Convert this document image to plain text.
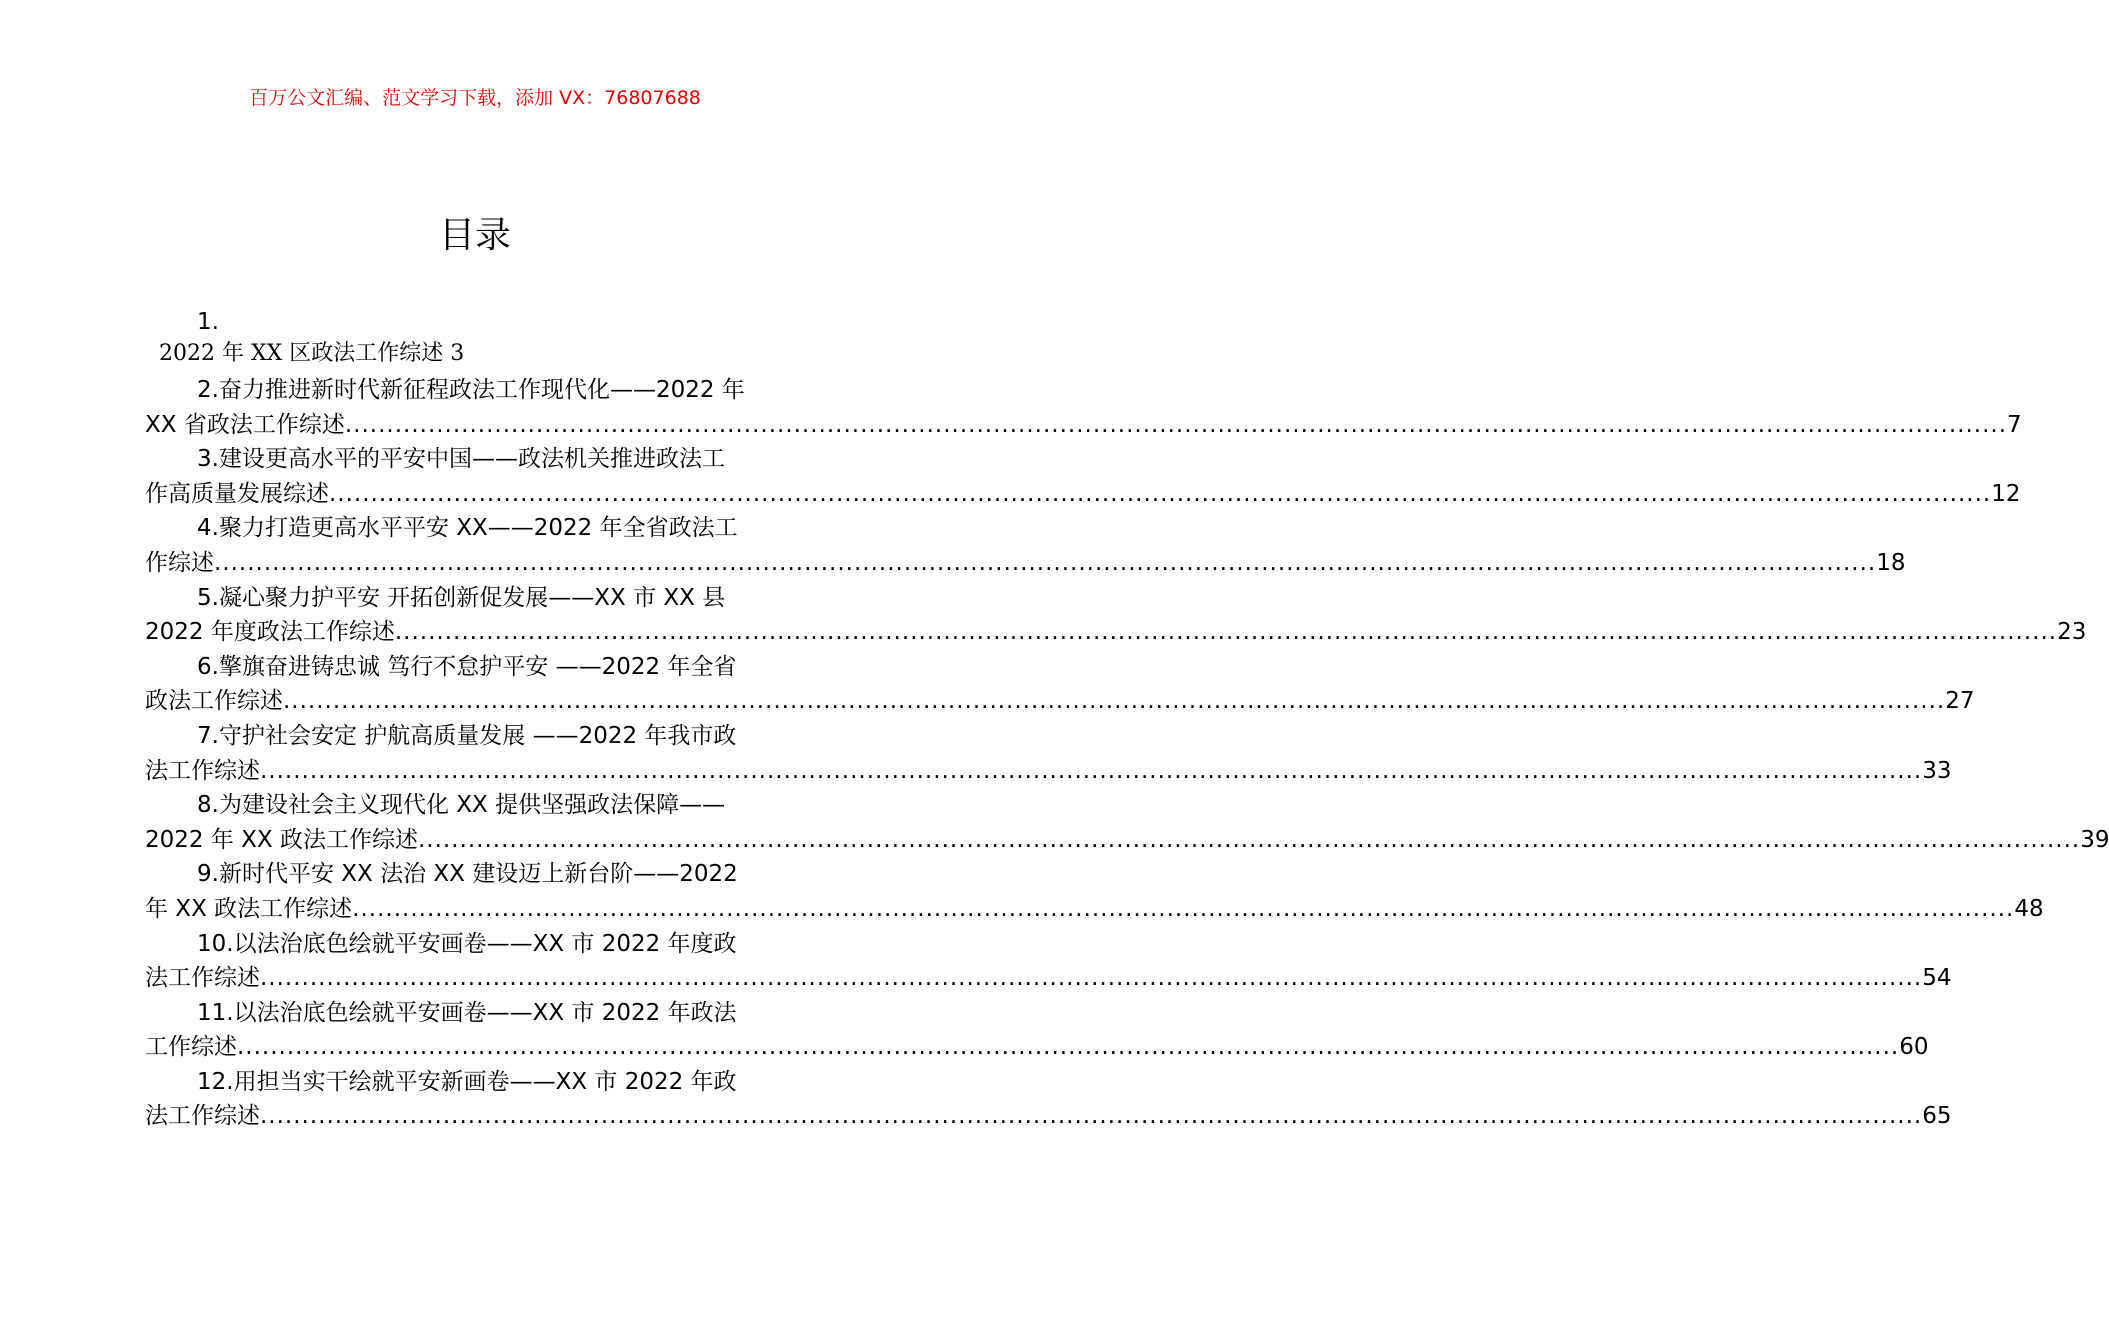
百万公文汇编、范文学习下载，添加 VX：76807688
目录
1.
2022 年 XX 区政法工作综述 3
2.奋力推进新时代新征程政法工作现代化——2022 年
XX 省政法工作综述 ........................................................................................................................................................................................................ 7
3.建设更高水平的平安中国——政法机关推进政法工
作高质量发展综述 ........................................................................................................................................................................................................ 12
4.聚力打造更高水平平安 XX——2022 年全省政法工
作综述 ........................................................................................................................................................................................................ 18
5.凝心聚力护平安 开拓创新促发展——XX 市 XX 县
2022 年度政法工作综述 ........................................................................................................................................................................................................ 23
6.擎旗奋进铸忠诚 笃行不怠护平安 ——2022 年全省
政法工作综述 ........................................................................................................................................................................................................ 27
7.守护社会安定 护航高质量发展 ——2022 年我市政
法工作综述 ........................................................................................................................................................................................................ 33
8.为建设社会主义现代化 XX 提供坚强政法保障——
2022 年 XX 政法工作综述 ........................................................................................................................................................................................................ 39
9.新时代平安 XX 法治 XX 建设迈上新台阶——2022
年 XX 政法工作综述 ........................................................................................................................................................................................................ 48
10.以法治底色绘就平安画卷——XX 市 2022 年度政
法工作综述 ........................................................................................................................................................................................................ 54
11.以法治底色绘就平安画卷——XX 市 2022 年政法
工作综述 ........................................................................................................................................................................................................ 60
12.用担当实干绘就平安新画卷——XX 市 2022 年政
法工作综述 ........................................................................................................................................................................................................ 65
